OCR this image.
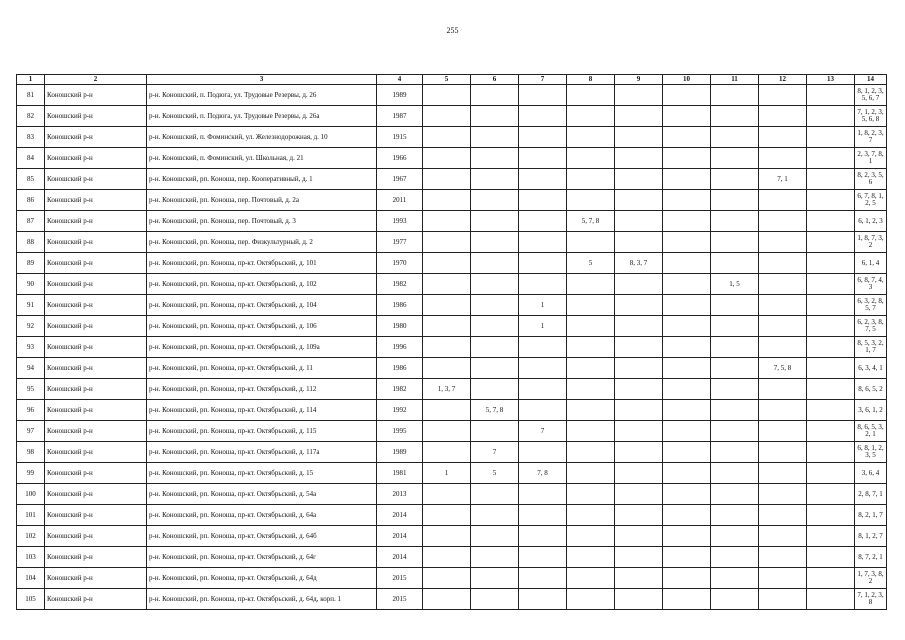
255
1	2	3	4	5	6	7	8	9	10	11	12	13	14
81	Коношский р-н	р-н. Коношский, п. Подюга, ул. Трудовые Резервы, д. 26	1989										8, 1, 2, 3, 5, 6, 7
82	Коношский р-н	р-н. Коношский, п. Подюга, ул. Трудовые Резервы, д. 26а	1987										7, 1, 2, 3, 5, 6, 8
83	Коношский р-н	р-н. Коношский, п. Фоминский, ул. Железнодорожная, д. 10	1915										1, 8, 2, 3, 7
84	Коношский р-н	р-н. Коношский, п. Фоминский, ул. Школьная, д. 21	1966										2, 3, 7, 8, 1
85	Коношский р-н	р-н. Коношский, рп. Коноша, пер. Кооперативный, д. 1	1967								7, 1		8, 2, 3, 5, 6
86	Коношский р-н	р-н. Коношский, рп. Коноша, пер. Почтовый, д. 2а	2011										6, 7, 8, 1, 2, 5
87	Коношский р-н	р-н. Коношский, рп. Коноша, пер. Почтовый, д. 3	1993				5, 7, 8						6, 1, 2, 3
88	Коношский р-н	р-н. Коношский, рп. Коноша, пер. Физкультурный, д. 2	1977										1, 8, 7, 3, 2
89	Коношский р-н	р-н. Коношский, рп. Коноша, пр-кт. Октябрьский, д. 101	1970				5	8, 3, 7					6, 1, 4
90	Коношский р-н	р-н. Коношский, рп. Коноша, пр-кт. Октябрьский, д. 102	1982							1, 5			6, 8, 7, 4, 3
91	Коношский р-н	р-н. Коношский, рп. Коноша, пр-кт. Октябрьский, д. 104	1986			1							6, 3, 2, 8, 5, 7
92	Коношский р-н	р-н. Коношский, рп. Коноша, пр-кт. Октябрьский, д. 106	1980			1							6, 2, 3, 8, 7, 5
93	Коношский р-н	р-н. Коношский, рп. Коноша, пр-кт. Октябрьский, д. 109а	1996										8, 5, 3, 2, 1, 7
94	Коношский р-н	р-н. Коношский, рп. Коноша, пр-кт. Октябрьский, д. 11	1986								7, 5, 8		6, 3, 4, 1
95	Коношский р-н	р-н. Коношский, рп. Коноша, пр-кт. Октябрьский, д. 112	1982	1, 3, 7									8, 6, 5, 2
96	Коношский р-н	р-н. Коношский, рп. Коноша, пр-кт. Октябрьский, д. 114	1992		5, 7, 8								3, 6, 1, 2
97	Коношский р-н	р-н. Коношский, рп. Коноша, пр-кт. Октябрьский, д. 115	1995			7							8, 6, 5, 3, 2, 1
98	Коношский р-н	р-н. Коношский, рп. Коноша, пр-кт. Октябрьский, д. 117а	1989		7								6, 8, 1, 2, 3, 5
99	Коношский р-н	р-н. Коношский, рп. Коноша, пр-кт. Октябрьский, д. 15	1981	1	5	7, 8							3, 6, 4
100	Коношский р-н	р-н. Коношский, рп. Коноша, пр-кт. Октябрьский, д. 54а	2013										2, 8, 7, 1
101	Коношский р-н	р-н. Коношский, рп. Коноша, пр-кт. Октябрьский, д. 64а	2014										8, 2, 1, 7
102	Коношский р-н	р-н. Коношский, рп. Коноша, пр-кт. Октябрьский, д. 64б	2014										8, 1, 2, 7
103	Коношский р-н	р-н. Коношский, рп. Коноша, пр-кт. Октябрьский, д. 64г	2014										8, 7, 2, 1
104	Коношский р-н	р-н. Коношский, рп. Коноша, пр-кт. Октябрьский, д. 64д	2015										1, 7, 3, 8, 2
105	Коношский р-н	р-н. Коношский, рп. Коноша, пр-кт. Октябрьский, д. 64д, корп. 1	2015										7, 1, 2, 3, 8
